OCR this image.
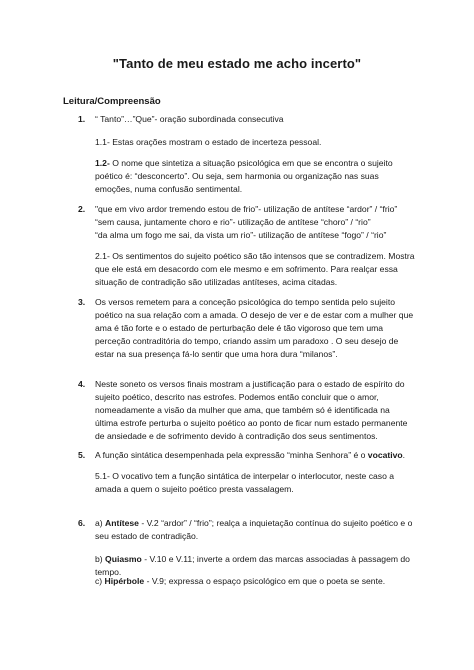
"Tanto de meu estado me acho incerto"
Leitura/Compreensão
1. “ Tanto”…”Que”- oração subordinada consecutiva
1.1- Estas orações mostram o estado de incerteza pessoal.
1.2- O nome que sintetiza a situação psicológica em que se encontra o sujeito poético é: “desconcerto”. Ou seja, sem harmonia ou organização nas suas emoções, numa confusão sentimental.
2. "que em vivo ardor tremendo estou de frio"- utilização de antítese “ardor” / “frio”
“sem causa, juntamente choro e rio”- utilização de antítese “choro” / “rio”
“da alma um fogo me sai, da vista um rio”- utilização de antítese “fogo” / “rio”
2.1- Os sentimentos do sujeito poético são tão intensos que se contradizem. Mostra que ele está em desacordo com ele mesmo e em sofrimento. Para realçar essa situação de contradição são utilizadas antíteses, acima citadas.
3. Os versos remetem para a conceção psicológica do tempo sentida pelo sujeito poético na sua relação com a amada. O desejo de ver e de estar com a mulher que ama é tão forte e o estado de perturbação dele é tão vigoroso que tem uma perceção contraditória do tempo, criando assim um paradoxo . O seu desejo de estar na sua presença fá-lo sentir que uma hora dura “milanos”.
4. Neste soneto os versos finais mostram a justificação para o estado de espírito do sujeito poético, descrito nas estrofes. Podemos então concluir que o amor, nomeadamente a visão da mulher que ama, que também só é identificada na última estrofe perturba o sujeito poético ao ponto de ficar num estado permanente de ansiedade e de sofrimento devido à contradição dos seus sentimentos.
5. A função sintática desempenhada pela expressão “minha Senhora” é o vocativo.
5.1- O vocativo tem a função sintática de interpelar o interlocutor, neste caso a amada a quem o sujeito poético presta vassalagem.
6. a) Antítese - V.2 “ardor” / “frio”; realça a inquietação contínua do sujeito poético e o seu estado de contradição.
b) Quiasmo - V.10 e V.11; inverte a ordem das marcas associadas à passagem do tempo.
c) Hipérbole - V.9; expressa o espaço psicológico em que o poeta se sente.
